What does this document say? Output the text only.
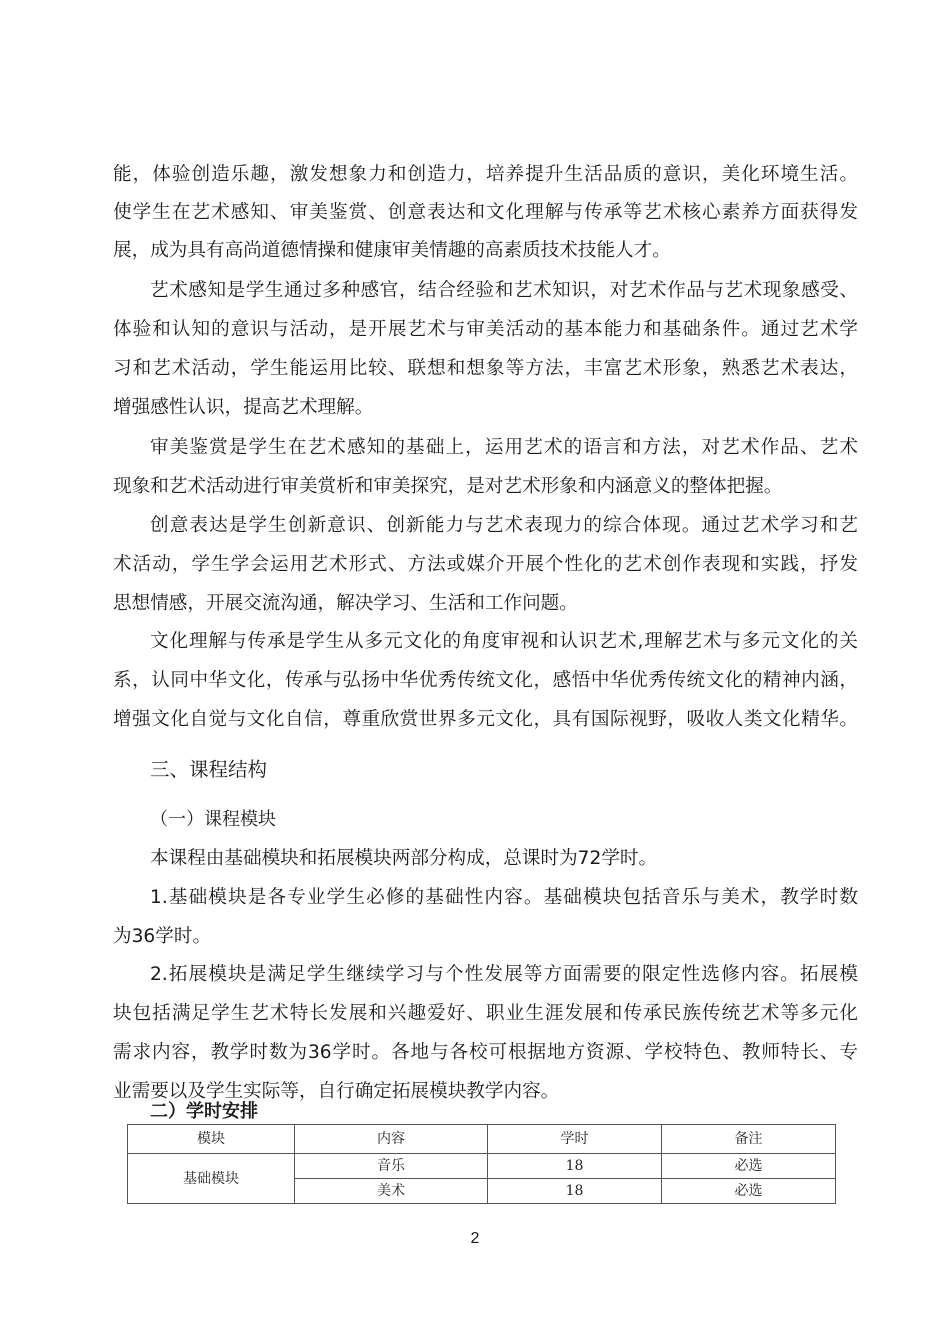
能，体验创造乐趣，激发想象力和创造力，培养提升生活品质的意识，美化环境生活。
使学生在艺术感知、审美鉴赏、创意表达和文化理解与传承等艺术核心素养方面获得发
展，成为具有高尚道德情操和健康审美情趣的高素质技术技能人才。
艺术感知是学生通过多种感官，结合经验和艺术知识，对艺术作品与艺术现象感受、
体验和认知的意识与活动，是开展艺术与审美活动的基本能力和基础条件。通过艺术学
习和艺术活动，学生能运用比较、联想和想象等方法，丰富艺术形象，熟悉艺术表达，
增强感性认识，提高艺术理解。
审美鉴赏是学生在艺术感知的基础上，运用艺术的语言和方法，对艺术作品、艺术
现象和艺术活动进行审美赏析和审美探究，是对艺术形象和内涵意义的整体把握。
创意表达是学生创新意识、创新能力与艺术表现力的综合体现。通过艺术学习和艺
术活动，学生学会运用艺术形式、方法或媒介开展个性化的艺术创作表现和实践，抒发
思想情感，开展交流沟通，解决学习、生活和工作问题。
文化理解与传承是学生从多元文化的角度审视和认识艺术,理解艺术与多元文化的关
系，认同中华文化，传承与弘扬中华优秀传统文化，感悟中华优秀传统文化的精神内涵，
增强文化自觉与文化自信，尊重欣赏世界多元文化，具有国际视野，吸收人类文化精华。
三、课程结构
（一）课程模块
本课程由基础模块和拓展模块两部分构成，总课时为72学时。
1.基础模块是各专业学生必修的基础性内容。基础模块包括音乐与美术，教学时数
为36学时。
2.拓展模块是满足学生继续学习与个性发展等方面需要的限定性选修内容。拓展模
块包括满足学生艺术特长发展和兴趣爱好、职业生涯发展和传承民族传统艺术等多元化
需求内容，教学时数为36学时。各地与各校可根据地方资源、学校特色、教师特长、专
业需要以及学生实际等，自行确定拓展模块教学内容。
二）学时安排
模块	内容	学时	备注
基础模块	音乐	18	必选
	美术	18	必选
2
